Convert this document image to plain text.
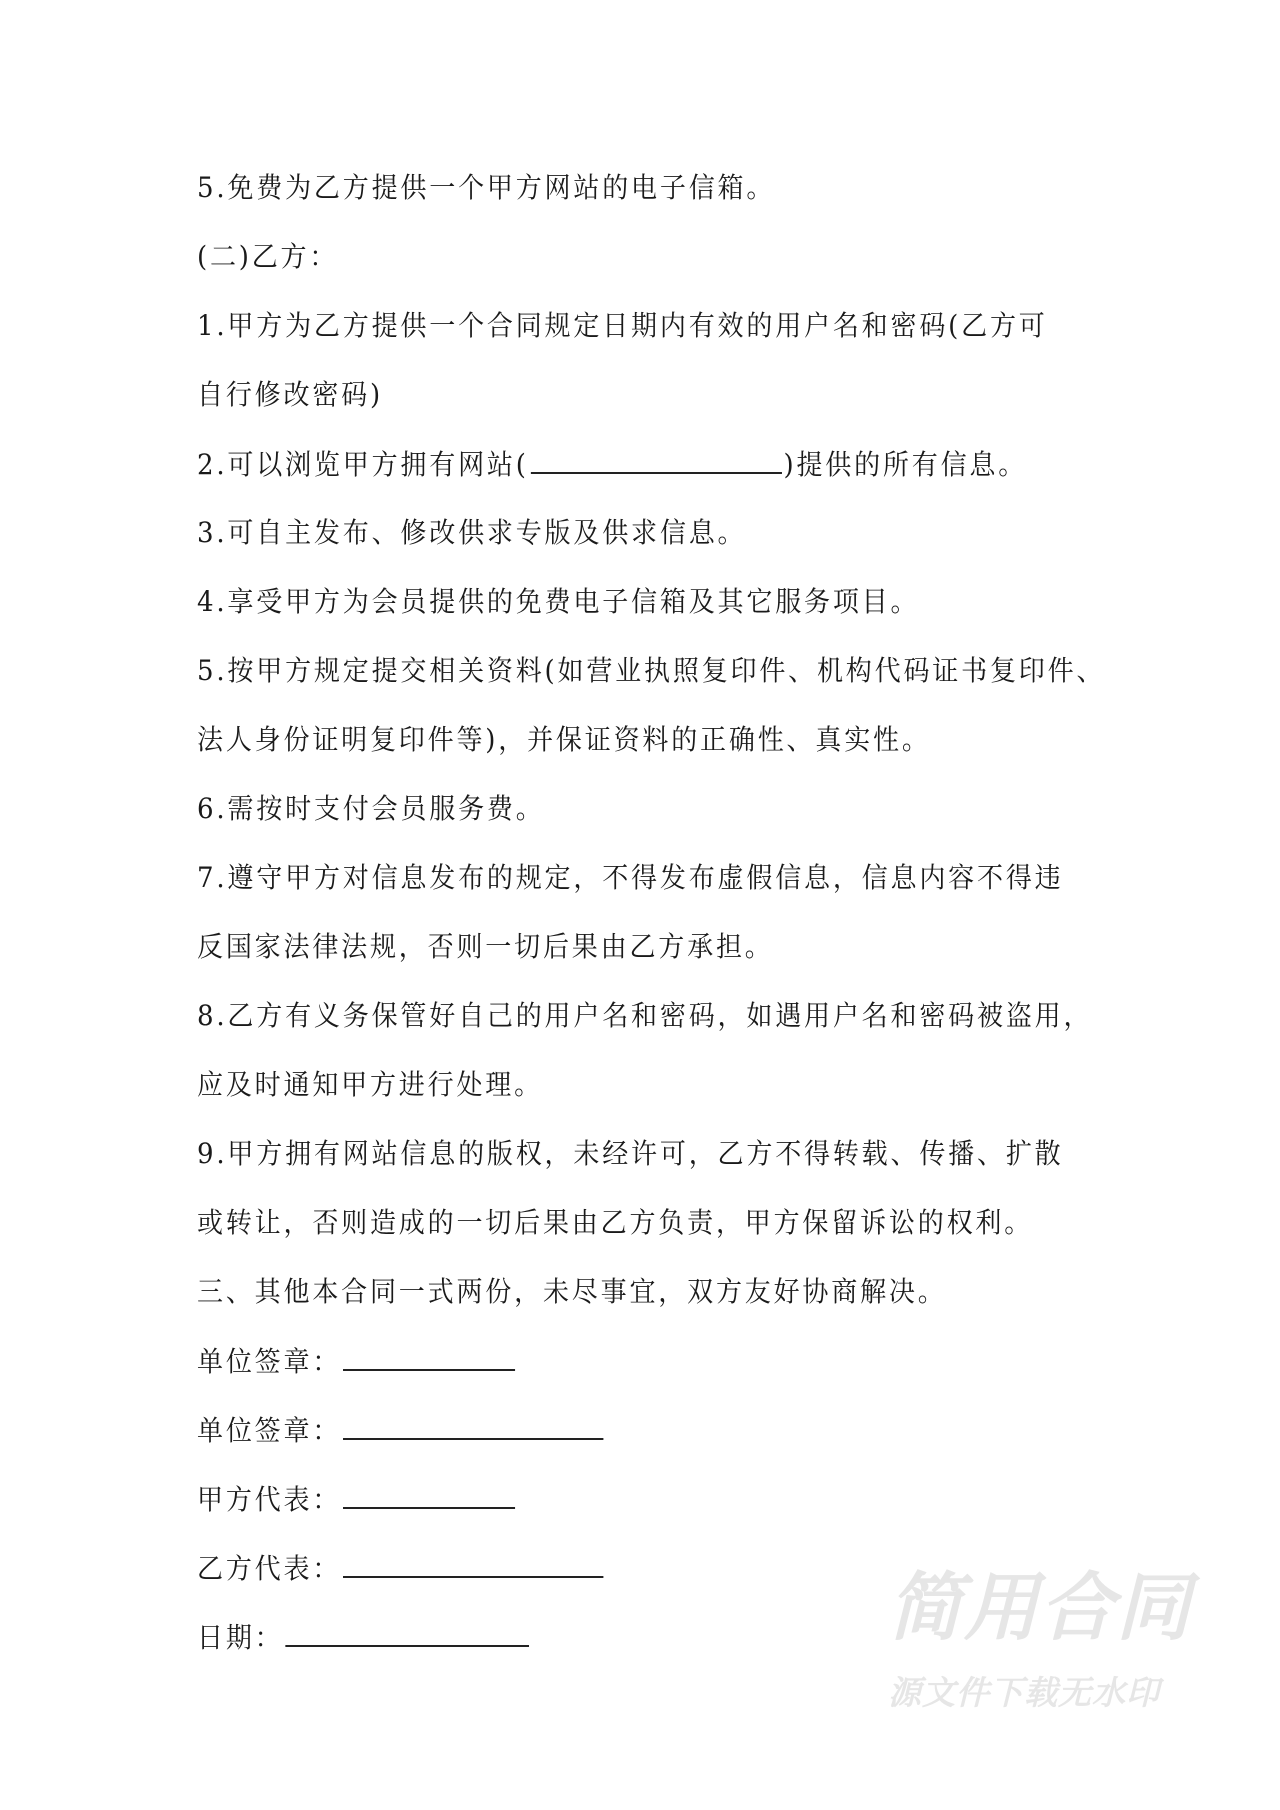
5.免费为乙方提供一个甲方网站的电子信箱。
(二)乙方：
1.甲方为乙方提供一个合同规定日期内有效的用户名和密码(乙方可
自行修改密码)
2.可以浏览甲方拥有网站(	)提供的所有信息。
3.可自主发布、修改供求专版及供求信息。
4.享受甲方为会员提供的免费电子信箱及其它服务项目。
5.按甲方规定提交相关资料(如营业执照复印件、机构代码证书复印件、
法人身份证明复印件等)，并保证资料的正确性、真实性。
6.需按时支付会员服务费。
7.遵守甲方对信息发布的规定，不得发布虚假信息，信息内容不得违
反国家法律法规，否则一切后果由乙方承担。
8.乙方有义务保管好自己的用户名和密码，如遇用户名和密码被盗用，
应及时通知甲方进行处理。
9.甲方拥有网站信息的版权，未经许可，乙方不得转载、传播、扩散
或转让，否则造成的一切后果由乙方负责，甲方保留诉讼的权利。
三、其他本合同一式两份，未尽事宜，双方友好协商解决。
单位签章：
单位签章：
甲方代表：
乙方代表：
日期：	简用合同
源文件下载无水印
